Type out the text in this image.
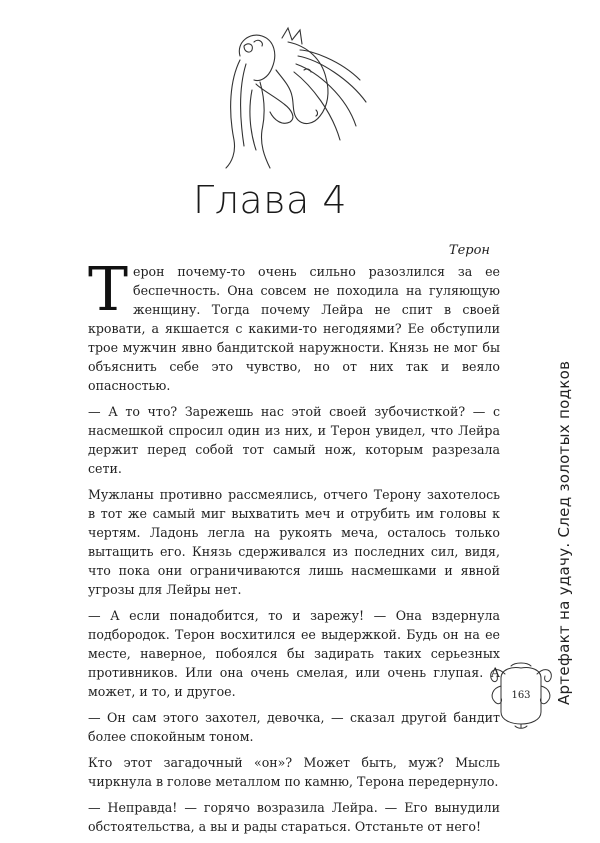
Глава 4
Терон

Терон почему-то очень сильно разозлился за ее беспечность. Она совсем не походила на гуляющую женщину. Тогда почему Лейра не спит в своей кровати, а якшается с какими-то негодяями? Ее обступили трое мужчин явно бандитской наружности. Князь не мог бы объяснить себе это чувство, но от них так и веяло опасностью.

— А то что? Зарежешь нас этой своей зубочисткой? — с насмешкой спросил один из них, и Терон увидел, что Лейра держит перед собой тот самый нож, которым разрезала сети.

Мужланы противно рассмеялись, отчего Терону захотелось в тот же самый миг выхватить меч и отрубить им головы к чертям. Ладонь легла на рукоять меча, осталось только вытащить его. Князь сдерживался из последних сил, видя, что пока они ограничиваются лишь насмешками и явной угрозы для Лейры нет.

— А если понадобится, то и зарежу! — Она вздернула подбородок. Терон восхитился ее выдержкой. Будь он на ее месте, наверное, побоялся бы задирать таких серьезных противников. Или она очень смелая, или очень глупая. А может, и то, и другое.

— Он сам этого захотел, девочка, — сказал другой бандит более спокойным тоном.

Кто этот загадочный «он»? Может быть, муж? Мысль чиркнула в голове металлом по камню, Терона передернуло.

— Неправда! — горячо возразила Лейра. — Его вынудили обстоятельства, а вы и рады стараться. Отстаньте от него!

Артефакт на удачу. След золотых подков
163
